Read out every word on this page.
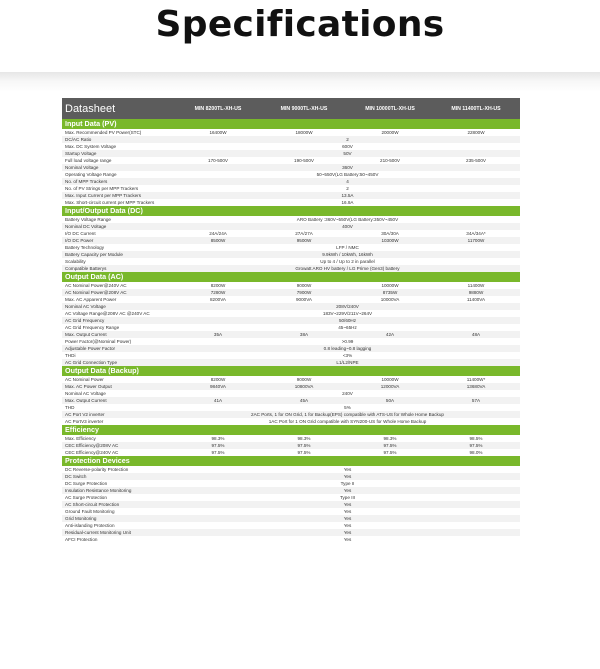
Specifications
Datasheet	MIN 8200TL-XH-US	MIN 9000TL-XH-US	MIN 10000TL-XH-US	MIN 11400TL-XH-US
Input Data (PV)
Max. Recommended PV Power(STC)	16400W	18000W	20000W	22800W
DC/AC Ratio	2
Max. DC System Voltage	600V
Startup Voltage	50V
Full load voltage range	170-500V	190-500V	210-500V	235-500V
Nominal Voltage	360V
Operating Voltage Range	50~550V(LG Battery:50~450V
No. of MPP Trackers	4
No. of PV Strings per MPP Trackers	2
Max. Input Current per MPP Trackers	13.5A
Max. Short-circuit current per MPP Trackers	16.9A
Input/Output Data (DC)
Battery Voltage Range	ARO Battery :360V~550V(LG Battery:350V~450V
Nominal DC Voltage	400V
I/O DC Current	24A/24A	27A/27A	30A/30A	34A/34A*
I/O DC Power	8500W	9500W	10300W	11700W
Battery Technology	LFP / NMC
Battery Capacity per Module	9.9kWh / 10kWh, 16kWh
Scalability	Up to 4 / Up to 2 in parallel
Compatible Batterys	Growatt ARO HV battery / LG Prime (Gen3) battery
Output Data (AC)
AC Nominal Power@240V AC	8200W	9000W	10000W	11400W
AC Nominal Power@208V AC	7280W	7900W	8735W	9880W
Max. AC Apparent Power	8200VA	9000VA	10000VA	11400VA
Nominal AC Voltage	208V/240V
AC Voltage Range@208V AC @240V AC	183V~229V/211V~264V
AC Grid Frequency	50/60Hz
AC Grid Frequency Range	45~65Hz
Max. Output Current	35A	38A	42A	48A
Power Factor(@Nominal Power)	>0.99
Adjustable Power Factor	0.8 leading~0.8 lagging
THDi	<3%
AC Grid Connection Type	L1/L2/NPE
Output Data (Backup)
AC Nominal Power	8200W	9000W	10000W	11400W*
Max. AC Power Output	9840VA	10800VA	12000VA	13680VA
Nominal AC Voltage	240V
Max. Output Current	41A	45A	50A	57A
THD	5%
AC Port V2 inverter	2AC Ports, 1 for ON Grid, 1 for Backup(EPS) compatible with ATS-US for Whole Home Backup
AC PortV3 inverter	1AC Port for 1 ON Grid compatible with SYN200-US for Whole Home Backup
Efficiency
Max. Efficiency	98.3%	98.3%	98.3%	98.5%
CEC Efficiency@208V AC	97.5%	97.5%	97.5%	97.5%
CEC Efficiency@240V AC	97.5%	97.5%	97.5%	98.0%
Protection Devices
DC Reverse-polarity Protection	Yes
DC Switch	Yes
DC Surge Protection	Type II
Insulation Resistance Monitoring	Yes
AC Surge Protection	Type III
AC Short-circuit Protection	Yes
Ground Fault Monitoring	Yes
Grid Monitoring	Yes
Anti-islanding Protection	Yes
Residual-current Monitoring Unit	Yes
AFCI Protection	Yes
